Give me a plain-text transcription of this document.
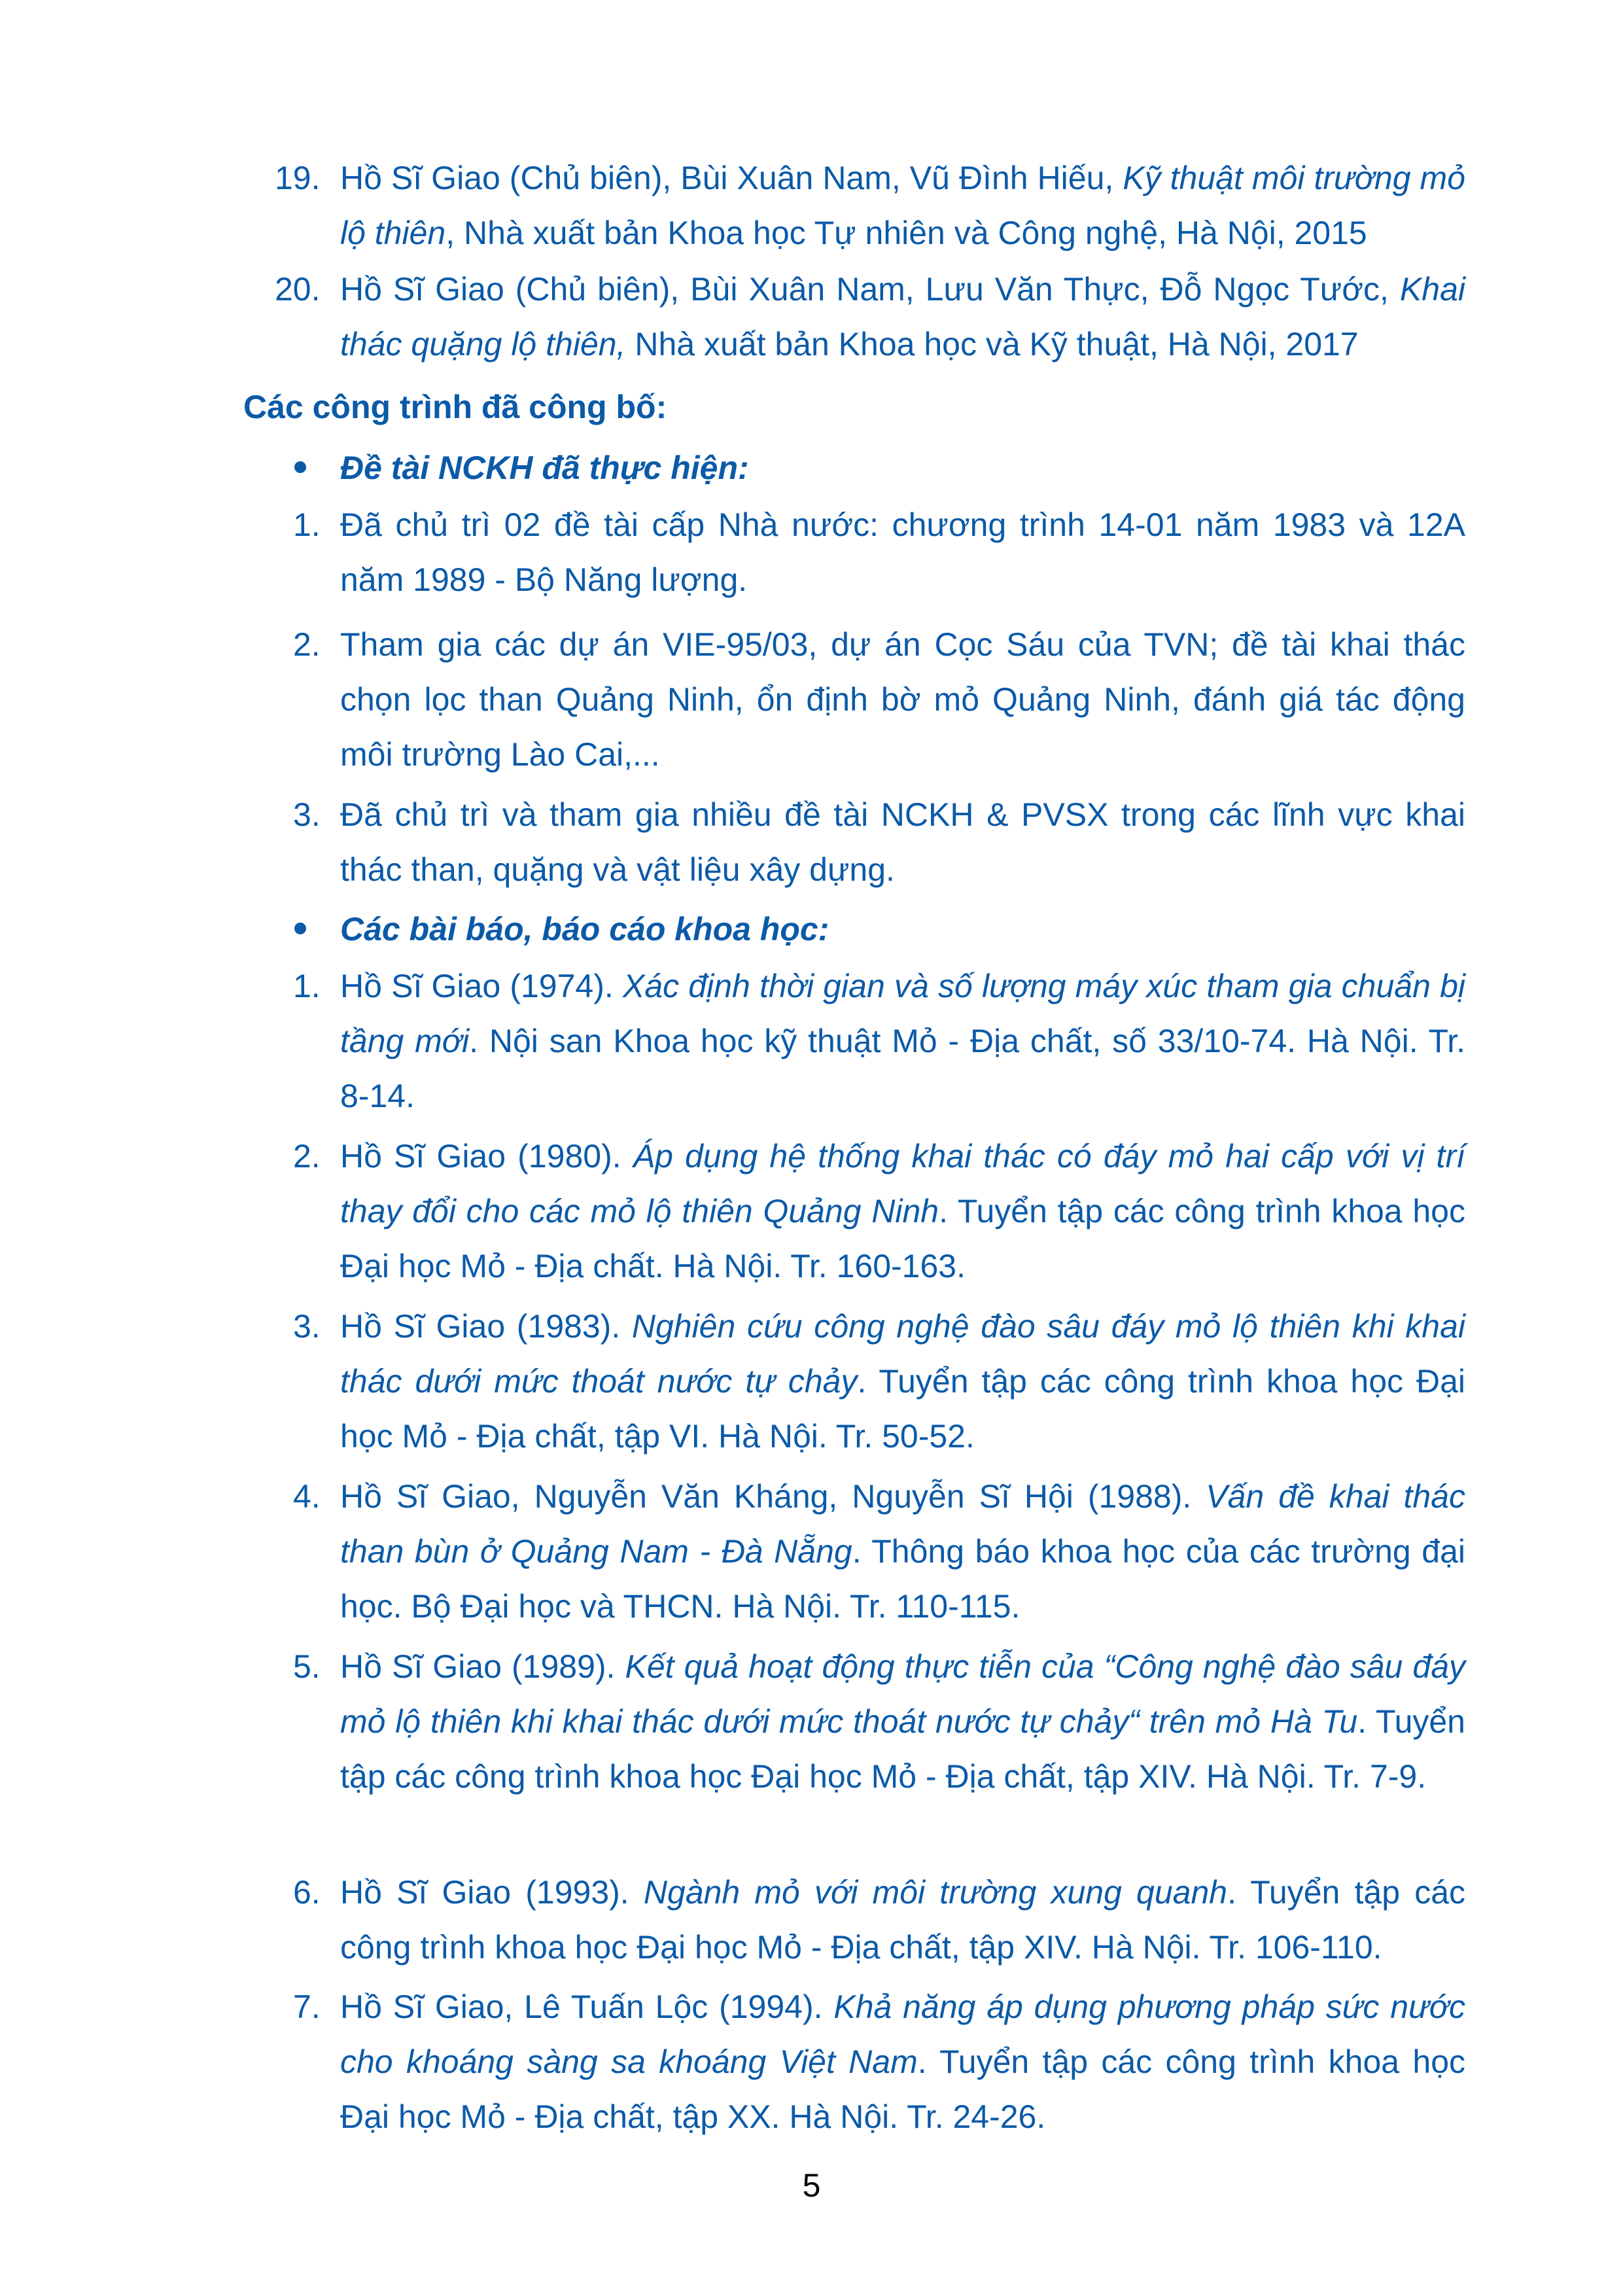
19. Hồ Sĩ Giao (Chủ biên), Bùi Xuân Nam, Vũ Đình Hiếu, Kỹ thuật môi trường mỏ lộ thiên, Nhà xuất bản Khoa học Tự nhiên và Công nghệ, Hà Nội, 2015
20. Hồ Sĩ Giao (Chủ biên), Bùi Xuân Nam, Lưu Văn Thực, Đỗ Ngọc Tước, Khai thác quặng lộ thiên, Nhà xuất bản Khoa học và Kỹ thuật, Hà Nội, 2017
Các công trình đã công bố:
Đề tài NCKH đã thực hiện:
1. Đã chủ trì 02 đề tài cấp Nhà nước: chương trình 14-01 năm 1983 và 12A năm 1989 - Bộ Năng lượng.
2. Tham gia các dự án VIE-95/03, dự án Cọc Sáu của TVN; đề tài khai thác chọn lọc than Quảng Ninh, ổn định bờ mỏ Quảng Ninh, đánh giá tác động môi trường Lào Cai,...
3. Đã chủ trì và tham gia nhiều đề tài NCKH & PVSX trong các lĩnh vực khai thác than, quặng và vật liệu xây dựng.
Các bài báo, báo cáo khoa học:
1. Hồ Sĩ Giao (1974). Xác định thời gian và số lượng máy xúc tham gia chuẩn bị tầng mới. Nội san Khoa học kỹ thuật Mỏ - Địa chất, số 33/10-74. Hà Nội. Tr. 8-14.
2. Hồ Sĩ Giao (1980). Áp dụng hệ thống khai thác có đáy mỏ hai cấp với vị trí thay đổi cho các mỏ lộ thiên Quảng Ninh. Tuyển tập các công trình khoa học Đại học Mỏ - Địa chất. Hà Nội. Tr. 160-163.
3. Hồ Sĩ Giao (1983). Nghiên cứu công nghệ đào sâu đáy mỏ lộ thiên khi khai thác dưới mức thoát nước tự chảy. Tuyển tập các công trình khoa học Đại học Mỏ - Địa chất, tập VI. Hà Nội. Tr. 50-52.
4. Hồ Sĩ Giao, Nguyễn Văn Kháng, Nguyễn Sĩ Hội (1988). Vấn đề khai thác than bùn ở Quảng Nam - Đà Nẵng. Thông báo khoa học của các trường đại học. Bộ Đại học và THCN. Hà Nội. Tr. 110-115.
5. Hồ Sĩ Giao (1989). Kết quả hoạt động thực tiễn của “Công nghệ đào sâu đáy mỏ lộ thiên khi khai thác dưới mức thoát nước tự chảy“ trên mỏ Hà Tu. Tuyển tập các công trình khoa học Đại học Mỏ - Địa chất, tập XIV. Hà Nội. Tr. 7-9.
6. Hồ Sĩ Giao (1993). Ngành mỏ với môi trường xung quanh. Tuyển tập các công trình khoa học Đại học Mỏ - Địa chất, tập XIV. Hà Nội. Tr. 106-110.
7. Hồ Sĩ Giao, Lê Tuấn Lộc (1994). Khả năng áp dụng phương pháp sức nước cho khoáng sàng sa khoáng Việt Nam. Tuyển tập các công trình khoa học Đại học Mỏ - Địa chất, tập XX. Hà Nội. Tr. 24-26.
5
